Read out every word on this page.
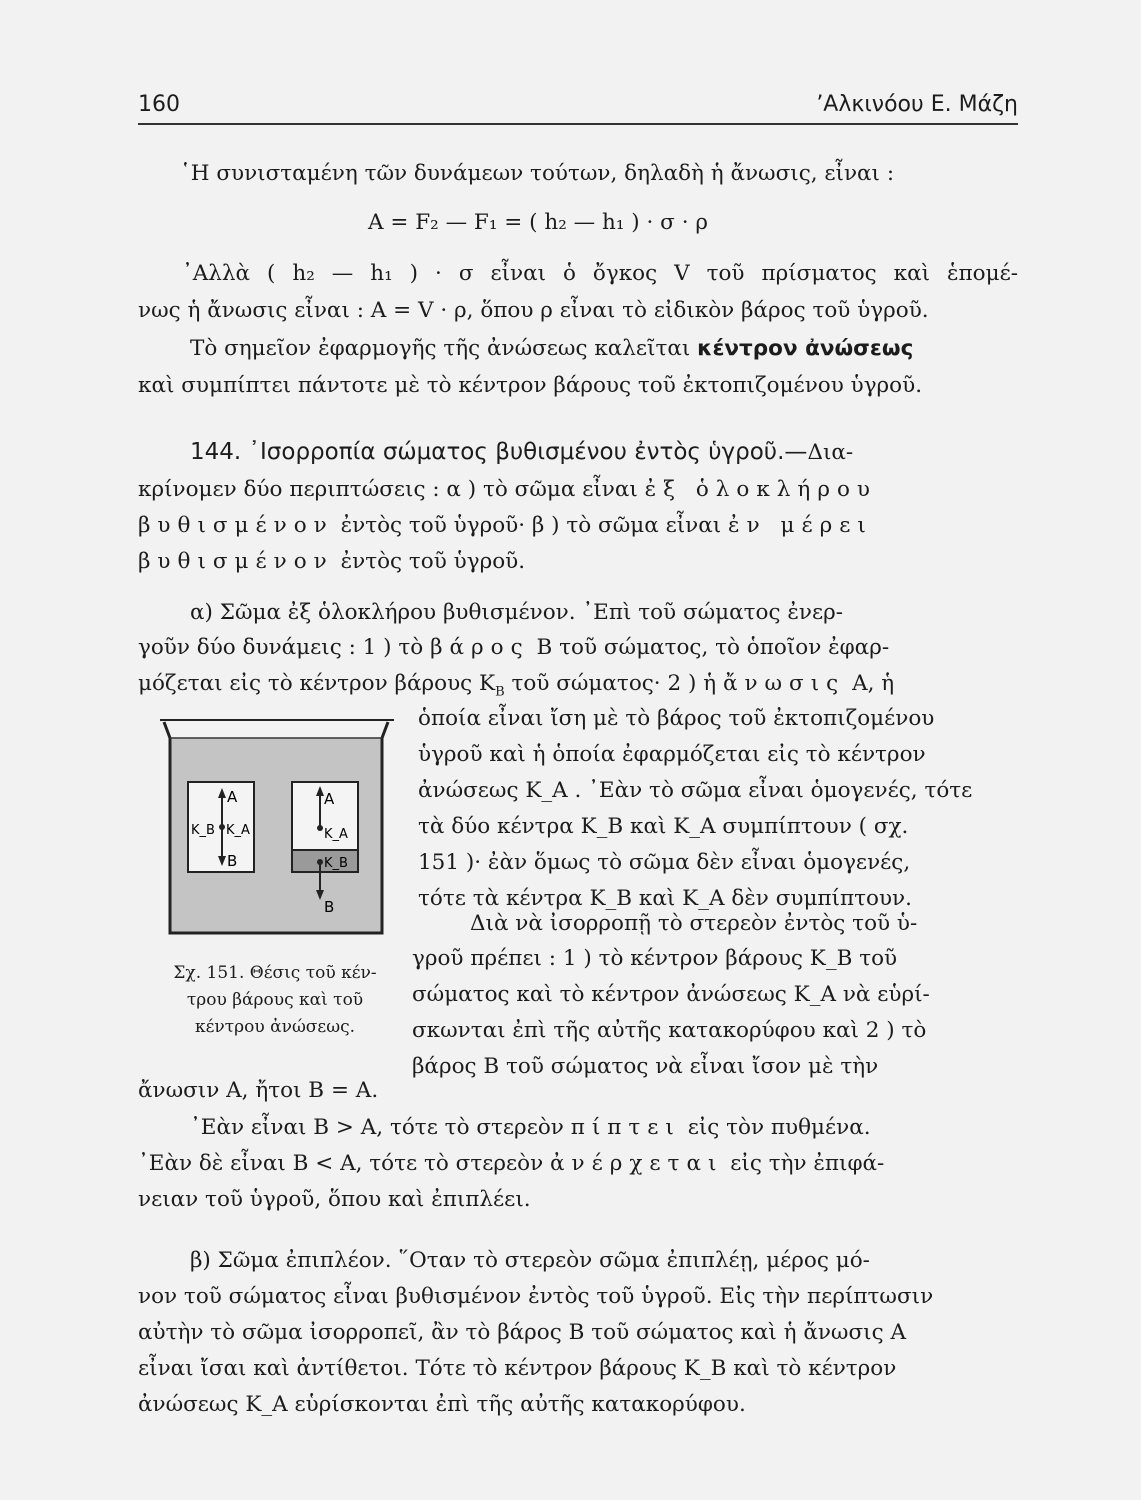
160	’Αλκινόου Ε. Μάζη
῾Η συνισταμένη τῶν δυνάμεων τούτων, δηλαδὴ ἡ ἄνωσις, εἶναι :
A = F₂ — F₁ = ( h₂ — h₁ ) · σ · ρ
᾿Αλλὰ ( h₂ — h₁ ) · σ εἶναι ὁ ὄγκος V τοῦ πρίσματος καὶ ἑπομέ-
νως ἡ ἄνωσις εἶναι : A = V · ρ, ὅπου ρ εἶναι τὸ εἰδικὸν βάρος τοῦ ὑγροῦ.
Τὸ σημεῖον ἐφαρμογῆς τῆς ἀνώσεως καλεῖται κέντρον ἀνώσεως
καὶ συμπίπτει πάντοτε μὲ τὸ κέντρον βάρους τοῦ ἐκτοπιζομένου ὑγροῦ.
144. ᾿Ισορροπία σώματος βυθισμένου ἐντὸς ὑγροῦ.—Δια-
κρίνομεν δύο περιπτώσεις : α ) τὸ σῶμα εἶναι ἐξ ὁλοκλήρου
βυθισμένον ἐντὸς τοῦ ὑγροῦ· β ) τὸ σῶμα εἶναι ἐν μέρει
βυθισμένον ἐντὸς τοῦ ὑγροῦ.
α) Σῶμα ἐξ ὁλοκλήρου βυθισμένον. ᾿Επὶ τοῦ σώματος ἐνερ-
γοῦν δύο δυνάμεις : 1 ) τὸ βάρος B τοῦ σώματος, τὸ ὁποῖον ἐφαρ-
μόζεται εἰς τὸ κέντρον βάρους $K_B$ τοῦ σώματος· 2 ) ἡ ἄνωσις A, ἡ
ὁποία εἶναι ἴση μὲ τὸ βάρος τοῦ ἐκτοπιζομένου
ὑγροῦ καὶ ἡ ὁποία ἐφαρμόζεται εἰς τὸ κέντρον
ἀνώσεως K_A . ᾿Εὰν τὸ σῶμα εἶναι ὁμογενές, τότε
τὰ δύο κέντρα K_B καὶ K_A συμπίπτουν ( σχ.
151 )· ἐὰν ὅμως τὸ σῶμα δὲν εἶναι ὁμογενές,
τότε τὰ κέντρα K_B καὶ K_A δὲν συμπίπτουν.
Διὰ νὰ ἰσορροπῇ τὸ στερεὸν ἐντὸς τοῦ ὑ-
γροῦ πρέπει : 1 ) τὸ κέντρον βάρους K_B τοῦ
σώματος καὶ τὸ κέντρον ἀνώσεως K_A νὰ εὑρί-
σκωνται ἐπὶ τῆς αὐτῆς κατακορύφου καὶ 2 ) τὸ
βάρος B τοῦ σώματος νὰ εἶναι ἴσον μὲ τὴν
ἄνωσιν A, ἤτοι B = A.
᾿Εὰν εἶναι B > A, τότε τὸ στερεὸν πίπτει εἰς τὸν πυθμένα.
᾿Εὰν δὲ εἶναι B < A, τότε τὸ στερεὸν ἀνέρχεται εἰς τὴν ἐπιφά-
νειαν τοῦ ὑγροῦ, ὅπου καὶ ἐπιπλέει.
A
B
K_B K_A
A
K_A
K_B
B
Σχ. 151. Θέσις τοῦ κέν-
τρου βάρους καὶ τοῦ
κέντρου ἀνώσεως.
β) Σῶμα ἐπιπλέον. ῞Οταν τὸ στερεὸν σῶμα ἐπιπλέῃ, μέρος μό-
νον τοῦ σώματος εἶναι βυθισμένον ἐντὸς τοῦ ὑγροῦ. Εἰς τὴν περίπτωσιν
αὐτὴν τὸ σῶμα ἰσορροπεῖ, ἂν τὸ βάρος B τοῦ σώματος καὶ ἡ ἄνωσις A
εἶναι ἴσαι καὶ ἀντίθετοι. Τότε τὸ κέντρον βάρους K_B καὶ τὸ κέντρον
ἀνώσεως K_A εὑρίσκονται ἐπὶ τῆς αὐτῆς κατακορύφου.
